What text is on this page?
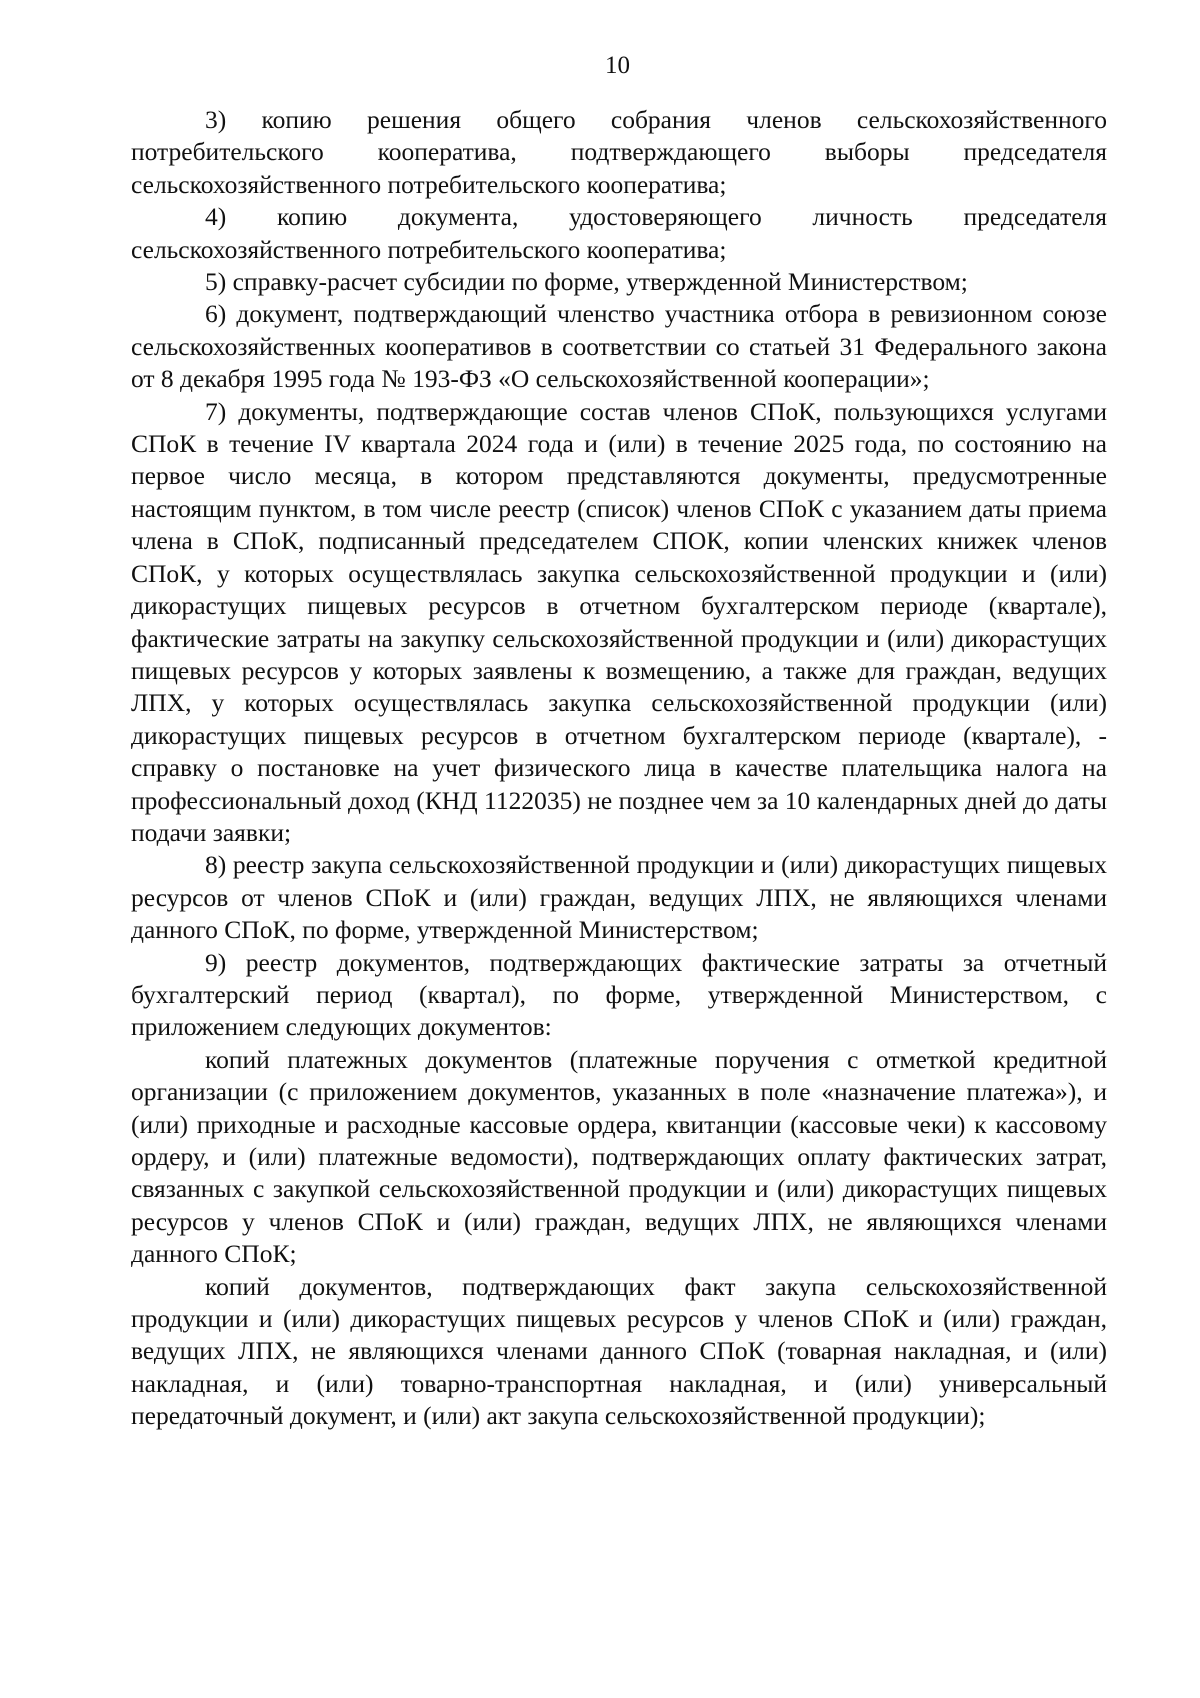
10

3) копию решения общего собрания членов сельскохозяйственного потребительского кооператива, подтверждающего выборы председателя сельскохозяйственного потребительского кооператива;

4) копию документа, удостоверяющего личность председателя сельскохозяйственного потребительского кооператива;

5) справку-расчет субсидии по форме, утвержденной Министерством;

6) документ, подтверждающий членство участника отбора в ревизионном союзе сельскохозяйственных кооперативов в соответствии со статьей 31 Федерального закона от 8 декабря 1995 года № 193-ФЗ «О сельскохозяйственной кооперации»;

7) документы, подтверждающие состав членов СПоК, пользующихся услугами СПоК в течение IV квартала 2024 года и (или) в течение 2025 года, по состоянию на первое число месяца, в котором представляются документы, предусмотренные настоящим пунктом, в том числе реестр (список) членов СПоК с указанием даты приема члена в СПоК, подписанный председателем СПОК, копии членских книжек членов СПоК, у которых осуществлялась закупка сельскохозяйственной продукции и (или) дикорастущих пищевых ресурсов в отчетном бухгалтерском периоде (квартале), фактические затраты на закупку сельскохозяйственной продукции и (или) дикорастущих пищевых ресурсов у которых заявлены к возмещению, а также для граждан, ведущих ЛПХ, у которых осуществлялась закупка сельскохозяйственной продукции (или) дикорастущих пищевых ресурсов в отчетном бухгалтерском периоде (квартале), - справку о постановке на учет физического лица в качестве плательщика налога на профессиональный доход (КНД 1122035) не позднее чем за 10 календарных дней до даты подачи заявки;

8) реестр закупа сельскохозяйственной продукции и (или) дикорастущих пищевых ресурсов от членов СПоК и (или) граждан, ведущих ЛПХ, не являющихся членами данного СПоК, по форме, утвержденной Министерством;

9) реестр документов, подтверждающих фактические затраты за отчетный бухгалтерский период (квартал), по форме, утвержденной Министерством, с приложением следующих документов:

копий платежных документов (платежные поручения с отметкой кредитной организации (с приложением документов, указанных в поле «назначение платежа»), и (или) приходные и расходные кассовые ордера, квитанции (кассовые чеки) к кассовому ордеру, и (или) платежные ведомости), подтверждающих оплату фактических затрат, связанных с закупкой сельскохозяйственной продукции и (или) дикорастущих пищевых ресурсов у членов СПоК и (или) граждан, ведущих ЛПХ, не являющихся членами данного СПоК;

копий документов, подтверждающих факт закупа сельскохозяйственной продукции и (или) дикорастущих пищевых ресурсов у членов СПоК и (или) граждан, ведущих ЛПХ, не являющихся членами данного СПоК (товарная накладная, и (или) накладная, и (или) товарно-транспортная накладная, и (или) универсальный передаточный документ, и (или) акт закупа сельскохозяйственной продукции);
